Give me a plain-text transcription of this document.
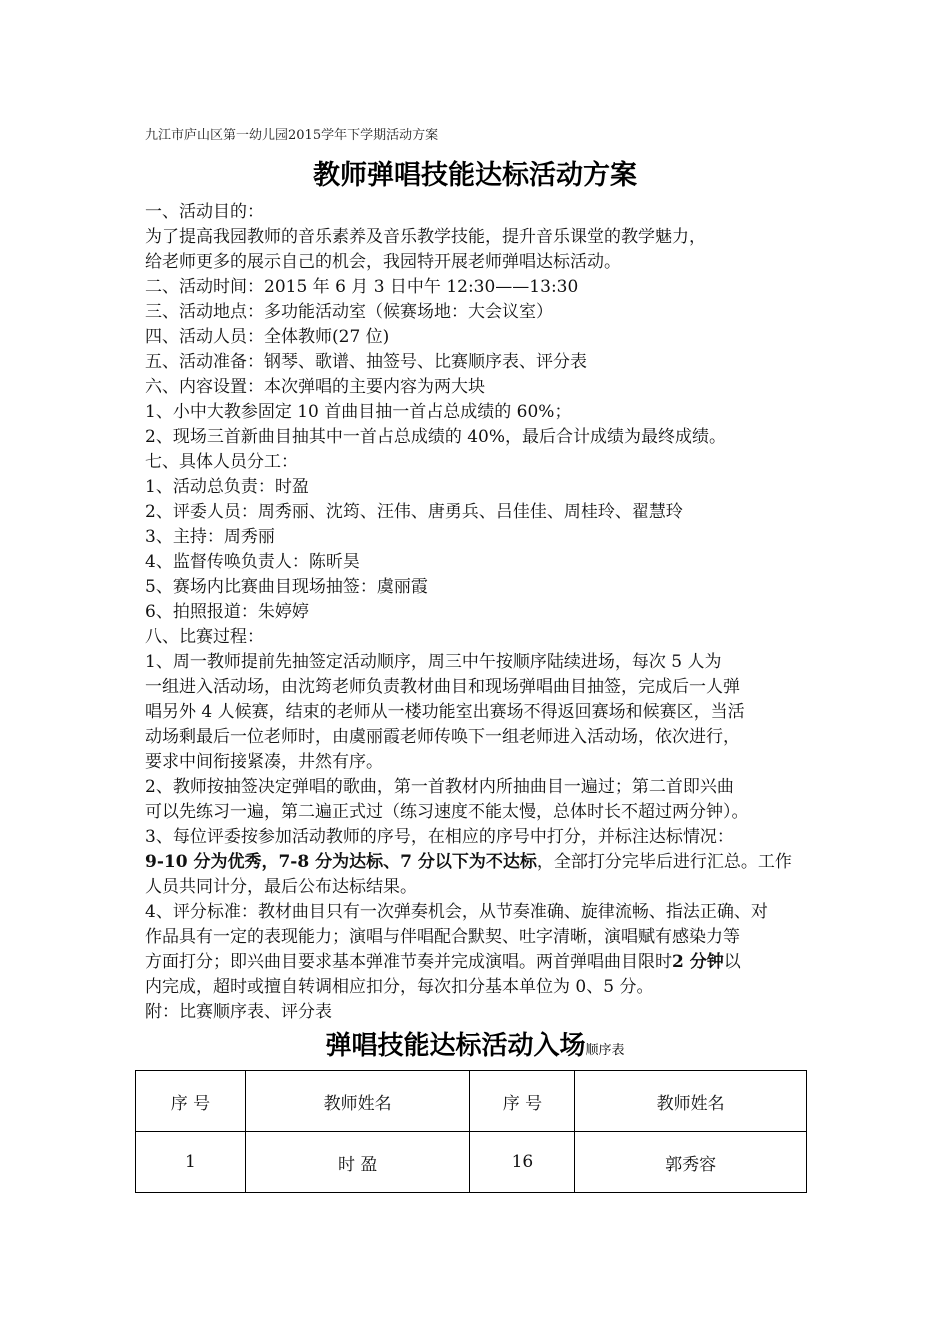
九江市庐山区第一幼儿园2015学年下学期活动方案
教师弹唱技能达标活动方案
一、活动目的：
为了提高我园教师的音乐素养及音乐教学技能，提升音乐课堂的教学魅力，
给老师更多的展示自己的机会，我园特开展老师弹唱达标活动。
二、活动时间：2015 年 6 月 3 日中午 12:30——13:30
三、活动地点：多功能活动室（候赛场地：大会议室）
四、活动人员：全体教师(27 位)
五、活动准备：钢琴、歌谱、抽签号、比赛顺序表、评分表
六、内容设置：本次弹唱的主要内容为两大块
1、小中大教参固定 10 首曲目抽一首占总成绩的 60%；
2、现场三首新曲目抽其中一首占总成绩的 40%，最后合计成绩为最终成绩。
七、具体人员分工：
1、活动总负责：时盈
2、评委人员：周秀丽、沈筠、汪伟、唐勇兵、吕佳佳、周桂玲、翟慧玲
3、主持：周秀丽
4、监督传唤负责人：陈昕昊
5、赛场内比赛曲目现场抽签：虞丽霞
6、拍照报道：朱婷婷
八、比赛过程：
1、周一教师提前先抽签定活动顺序，周三中午按顺序陆续进场，每次 5 人为
一组进入活动场，由沈筠老师负责教材曲目和现场弹唱曲目抽签，完成后一人弹
唱另外 4 人候赛，结束的老师从一楼功能室出赛场不得返回赛场和候赛区，当活
动场剩最后一位老师时，由虞丽霞老师传唤下一组老师进入活动场，依次进行，
要求中间衔接紧凑，井然有序。
2、教师按抽签决定弹唱的歌曲，第一首教材内所抽曲目一遍过；第二首即兴曲
可以先练习一遍，第二遍正式过（练习速度不能太慢，总体时长不超过两分钟）。
3、每位评委按参加活动教师的序号，在相应的序号中打分，并标注达标情况：
9-10 分为优秀，7-8 分为达标、7 分以下为不达标，全部打分完毕后进行汇总。工作
人员共同计分，最后公布达标结果。
4、评分标准：教材曲目只有一次弹奏机会，从节奏准确、旋律流畅、指法正确、对
作品具有一定的表现能力；演唱与伴唱配合默契、吐字清晰，演唱赋有感染力等
方面打分；即兴曲目要求基本弹准节奏并完成演唱。两首弹唱曲目限时2 分钟以
内完成，超时或擅自转调相应扣分，每次扣分基本单位为 0、5 分。
附：比赛顺序表、评分表
弹唱技能达标活动入场顺序表
序 号	教师姓名	序 号	教师姓名
1	时 盈	16	郭秀容
